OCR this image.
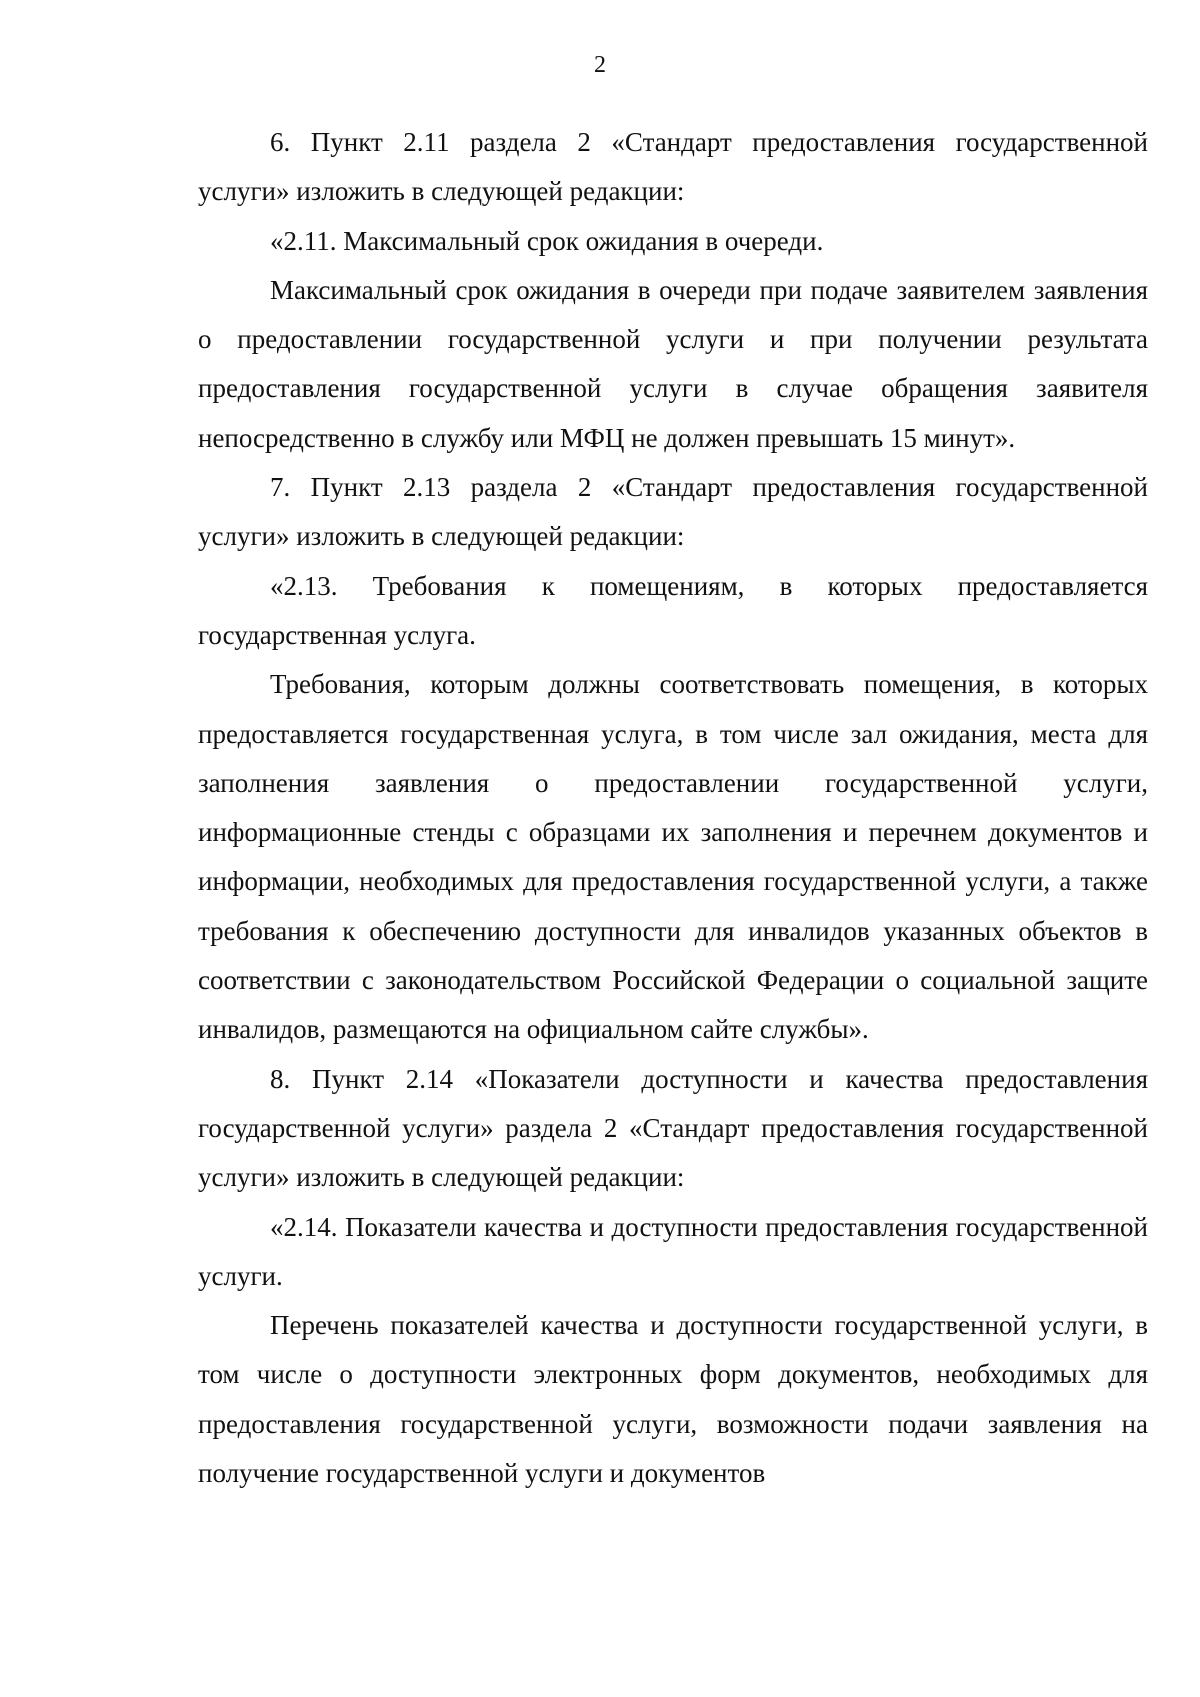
2

6. Пункт 2.11 раздела 2 «Стандарт предоставления государственной услуги» изложить в следующей редакции:

«2.11. Максимальный срок ожидания в очереди.

Максимальный срок ожидания в очереди при подаче заявителем заявления о предоставлении государственной услуги и при получении результата предоставления государственной услуги в случае обращения заявителя непосредственно в службу или МФЦ не должен превышать 15 минут».

7. Пункт 2.13 раздела 2 «Стандарт предоставления государственной услуги» изложить в следующей редакции:

«2.13. Требования к помещениям, в которых предоставляется государственная услуга.

Требования, которым должны соответствовать помещения, в которых предоставляется государственная услуга, в том числе зал ожидания, места для заполнения заявления о предоставлении государственной услуги, информационные стенды с образцами их заполнения и перечнем документов и информации, необходимых для предоставления государственной услуги, а также требования к обеспечению доступности для инвалидов указанных объектов в соответствии с законодательством Российской Федерации о социальной защите инвалидов, размещаются на официальном сайте службы».

8. Пункт 2.14 «Показатели доступности и качества предоставления государственной услуги» раздела 2 «Стандарт предоставления государственной услуги» изложить в следующей редакции:

«2.14. Показатели качества и доступности предоставления государственной услуги.

Перечень показателей качества и доступности государственной услуги, в том числе о доступности электронных форм документов, необходимых для предоставления государственной услуги, возможности подачи заявления на получение государственной услуги и документов
